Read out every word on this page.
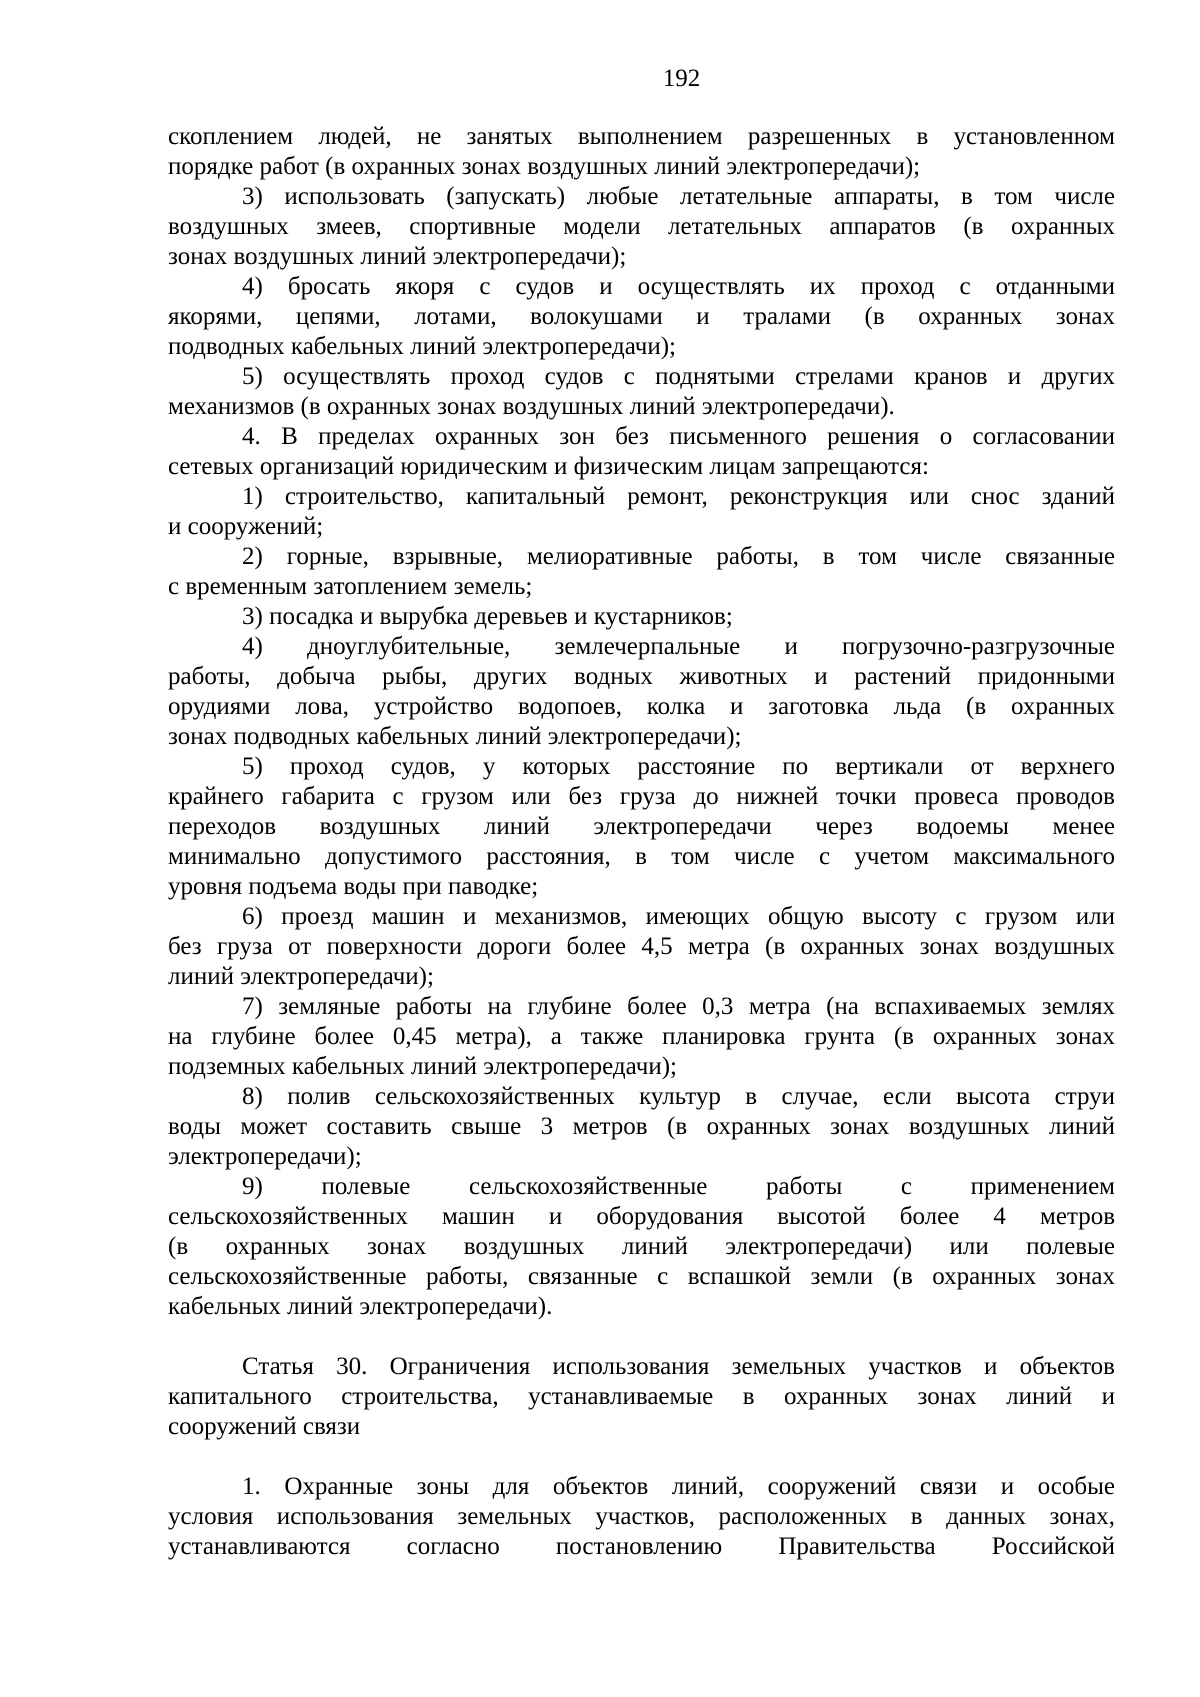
192
скоплением людей, не занятых выполнением разрешенных в установленном
порядке работ (в охранных зонах воздушных линий электропередачи);
3) использовать (запускать) любые летательные аппараты, в том числе
воздушных змеев, спортивные модели летательных аппаратов (в охранных
зонах воздушных линий электропередачи);
4) бросать якоря с судов и осуществлять их проход с отданными
якорями, цепями, лотами, волокушами и тралами (в охранных зонах
подводных кабельных линий электропередачи);
5) осуществлять проход судов с поднятыми стрелами кранов и других
механизмов (в охранных зонах воздушных линий электропередачи).
4. В пределах охранных зон без письменного решения о согласовании
сетевых организаций юридическим и физическим лицам запрещаются:
1) строительство, капитальный ремонт, реконструкция или снос зданий
и сооружений;
2) горные, взрывные, мелиоративные работы, в том числе связанные
с временным затоплением земель;
3) посадка и вырубка деревьев и кустарников;
4) дноуглубительные, землечерпальные и погрузочно-разгрузочные
работы, добыча рыбы, других водных животных и растений придонными
орудиями лова, устройство водопоев, колка и заготовка льда (в охранных
зонах подводных кабельных линий электропередачи);
5) проход судов, у которых расстояние по вертикали от верхнего
крайнего габарита с грузом или без груза до нижней точки провеса проводов
переходов воздушных линий электропередачи через водоемы менее
минимально допустимого расстояния, в том числе с учетом максимального
уровня подъема воды при паводке;
6) проезд машин и механизмов, имеющих общую высоту с грузом или
без груза от поверхности дороги более 4,5 метра (в охранных зонах воздушных
линий электропередачи);
7) земляные работы на глубине более 0,3 метра (на вспахиваемых землях
на глубине более 0,45 метра), а также планировка грунта (в охранных зонах
подземных кабельных линий электропередачи);
8) полив сельскохозяйственных культур в случае, если высота струи
воды может составить свыше 3 метров (в охранных зонах воздушных линий
электропередачи);
9) полевые сельскохозяйственные работы с применением
сельскохозяйственных машин и оборудования высотой более 4 метров
(в охранных зонах воздушных линий электропередачи) или полевые
сельскохозяйственные работы, связанные с вспашкой земли (в охранных зонах
кабельных линий электропередачи).
Статья 30. Ограничения использования земельных участков и объектов
капитального строительства, устанавливаемые в охранных зонах линий и
сооружений связи
1. Охранные зоны для объектов линий, сооружений связи и особые
условия использования земельных участков, расположенных в данных зонах,
устанавливаются согласно постановлению Правительства Российской
